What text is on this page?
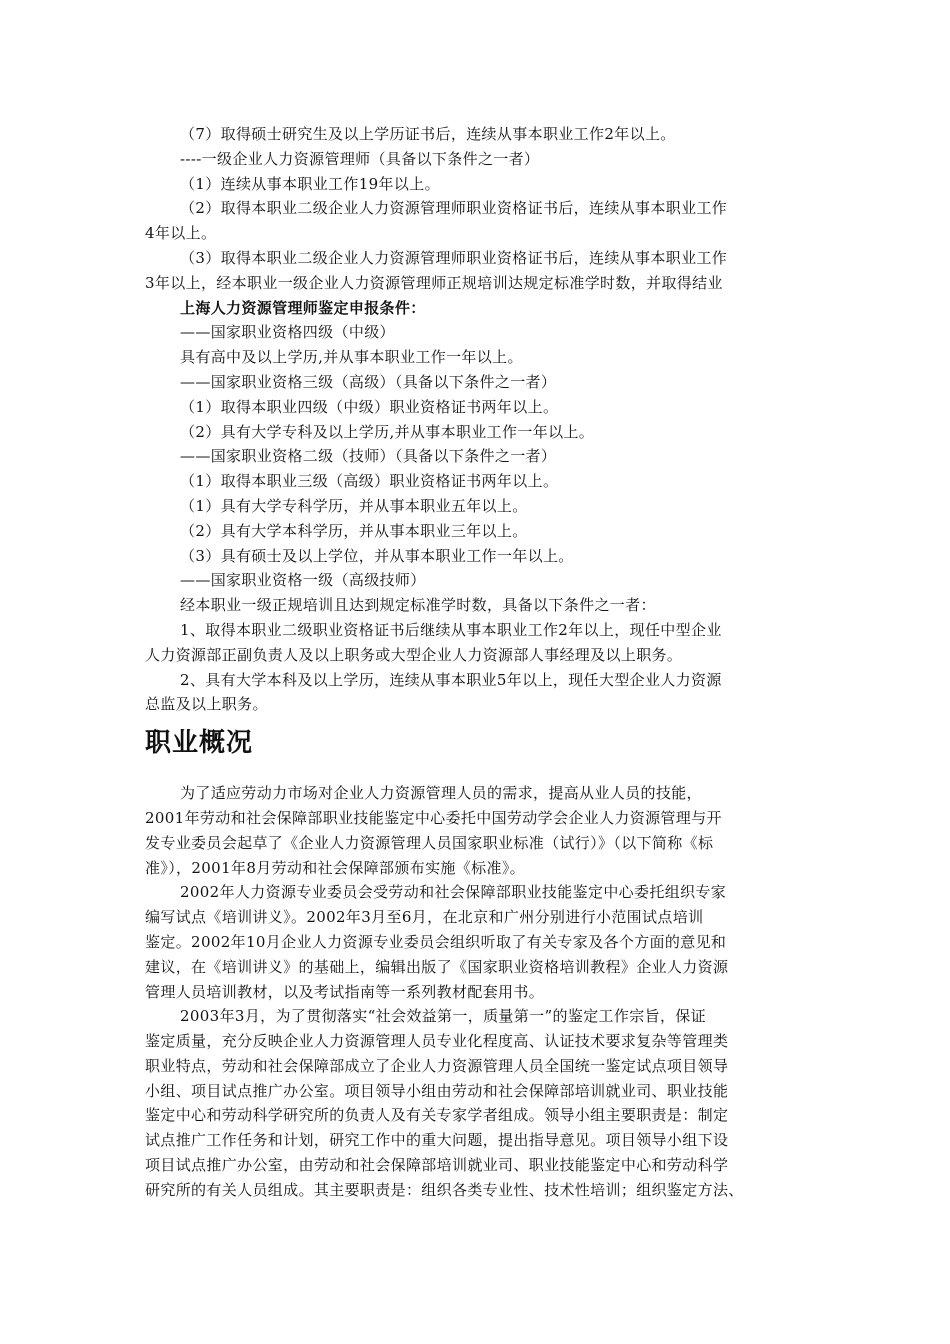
（7）取得硕士研究生及以上学历证书后，连续从事本职业工作2年以上。
----一级企业人力资源管理师（具备以下条件之一者）
（1）连续从事本职业工作19年以上。
（2）取得本职业二级企业人力资源管理师职业资格证书后，连续从事本职业工作
4年以上。
（3）取得本职业二级企业人力资源管理师职业资格证书后，连续从事本职业工作
3年以上，经本职业一级企业人力资源管理师正规培训达规定标准学时数，并取得结业
上海人力资源管理师鉴定申报条件：
——国家职业资格四级（中级）
具有高中及以上学历,并从事本职业工作一年以上。
——国家职业资格三级（高级）（具备以下条件之一者）
（1）取得本职业四级（中级）职业资格证书两年以上。
（2）具有大学专科及以上学历,并从事本职业工作一年以上。
——国家职业资格二级（技师）（具备以下条件之一者）
（1）取得本职业三级（高级）职业资格证书两年以上。
（1）具有大学专科学历，并从事本职业五年以上。
（2）具有大学本科学历，并从事本职业三年以上。
（3）具有硕士及以上学位，并从事本职业工作一年以上。
——国家职业资格一级（高级技师）
经本职业一级正规培训且达到规定标准学时数，具备以下条件之一者：
1、取得本职业二级职业资格证书后继续从事本职业工作2年以上，现任中型企业
人力资源部正副负责人及以上职务或大型企业人力资源部人事经理及以上职务。
2、具有大学本科及以上学历，连续从事本职业5年以上，现任大型企业人力资源
总监及以上职务。
职业概况
为了适应劳动力市场对企业人力资源管理人员的需求，提高从业人员的技能，
2001年劳动和社会保障部职业技能鉴定中心委托中国劳动学会企业人力资源管理与开
发专业委员会起草了《企业人力资源管理人员国家职业标准（试行）》（以下简称《标
准》），2001年8月劳动和社会保障部颁布实施《标准》。
2002年人力资源专业委员会受劳动和社会保障部职业技能鉴定中心委托组织专家
编写试点《培训讲义》。2002年3月至6月，在北京和广州分别进行小范围试点培训
鉴定。2002年10月企业人力资源专业委员会组织听取了有关专家及各个方面的意见和
建议，在《培训讲义》的基础上，编辑出版了《国家职业资格培训教程》企业人力资源
管理人员培训教材，以及考试指南等一系列教材配套用书。
2003年3月，为了贯彻落实“社会效益第一，质量第一”的鉴定工作宗旨，保证
鉴定质量，充分反映企业人力资源管理人员专业化程度高、认证技术要求复杂等管理类
职业特点，劳动和社会保障部成立了企业人力资源管理人员全国统一鉴定试点项目领导
小组、项目试点推广办公室。项目领导小组由劳动和社会保障部培训就业司、职业技能
鉴定中心和劳动科学研究所的负责人及有关专家学者组成。领导小组主要职责是：制定
试点推广工作任务和计划，研究工作中的重大问题，提出指导意见。项目领导小组下设
项目试点推广办公室，由劳动和社会保障部培训就业司、职业技能鉴定中心和劳动科学
研究所的有关人员组成。其主要职责是：组织各类专业性、技术性培训；组织鉴定方法、
